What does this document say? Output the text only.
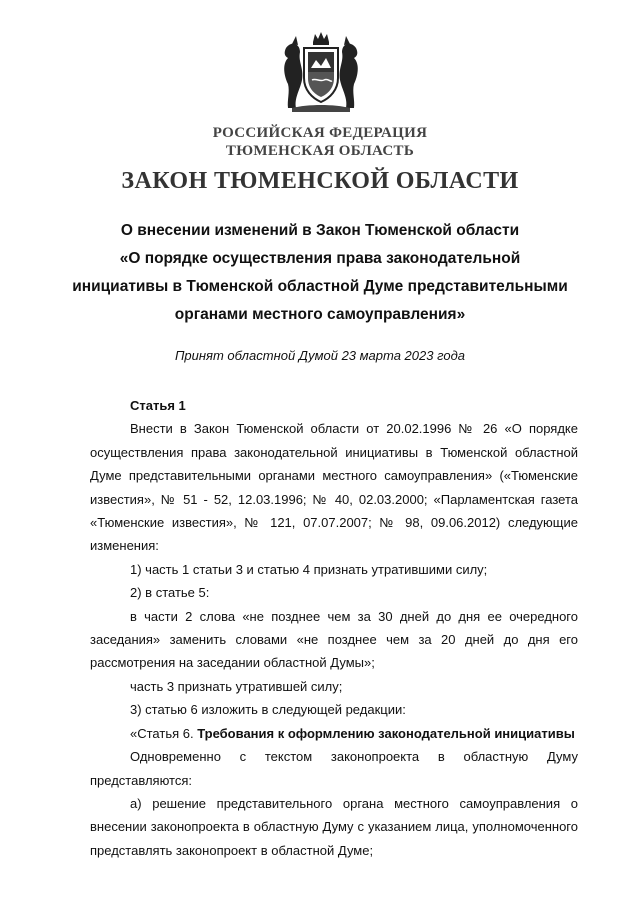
РОССИЙСКАЯ ФЕДЕРАЦИЯ
ТЮМЕНСКАЯ ОБЛАСТЬ
ЗАКОН ТЮМЕНСКОЙ ОБЛАСТИ
О внесении изменений в Закон Тюменской области
«О порядке осуществления права законодательной
инициативы в Тюменской областной Думе представительными
органами местного самоуправления»
Принят областной Думой 23 марта 2023 года

Статья 1

Внести в Закон Тюменской области от 20.02.1996 № 26 «О порядке осуществления права законодательной инициативы в Тюменской областной Думе представительными органами местного самоуправления» («Тюменские известия», № 51 - 52, 12.03.1996; № 40, 02.03.2000; «Парламентская газета «Тюменские известия», № 121, 07.07.2007; № 98, 09.06.2012) следующие изменения:

1) часть 1 статьи 3 и статью 4 признать утратившими силу;

2) в статье 5:

в части 2 слова «не позднее чем за 30 дней до дня ее очередного заседания» заменить словами «не позднее чем за 20 дней до дня его рассмотрения на заседании областной Думы»;

часть 3 признать утратившей силу;

3) статью 6 изложить в следующей редакции:

«Статья 6. Требования к оформлению законодательной инициативы

Одновременно с текстом законопроекта в областную Думу представляются:

а) решение представительного органа местного самоуправления о внесении законопроекта в областную Думу с указанием лица, уполномоченного представлять законопроект в областной Думе;
